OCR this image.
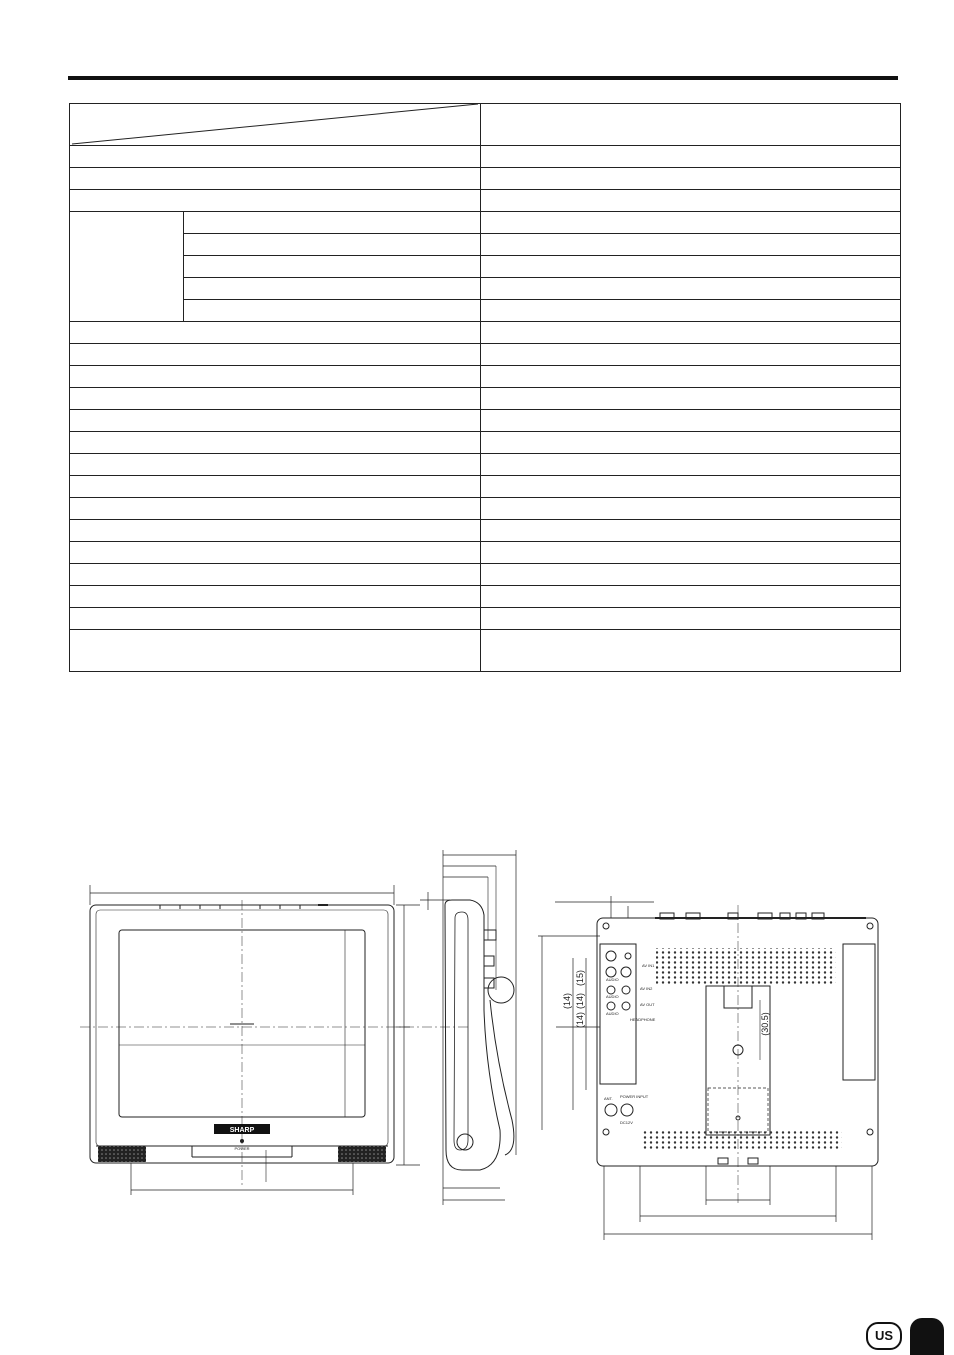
SHARP
POWER
AV IN1
AUDIO
AV IN2
AUDIO
AV OUT
AUDIO
HEADPHONE
ANT. POWER INPUT
DC12V
(15)
(14)
(14)
(14)	(30.5)
US
